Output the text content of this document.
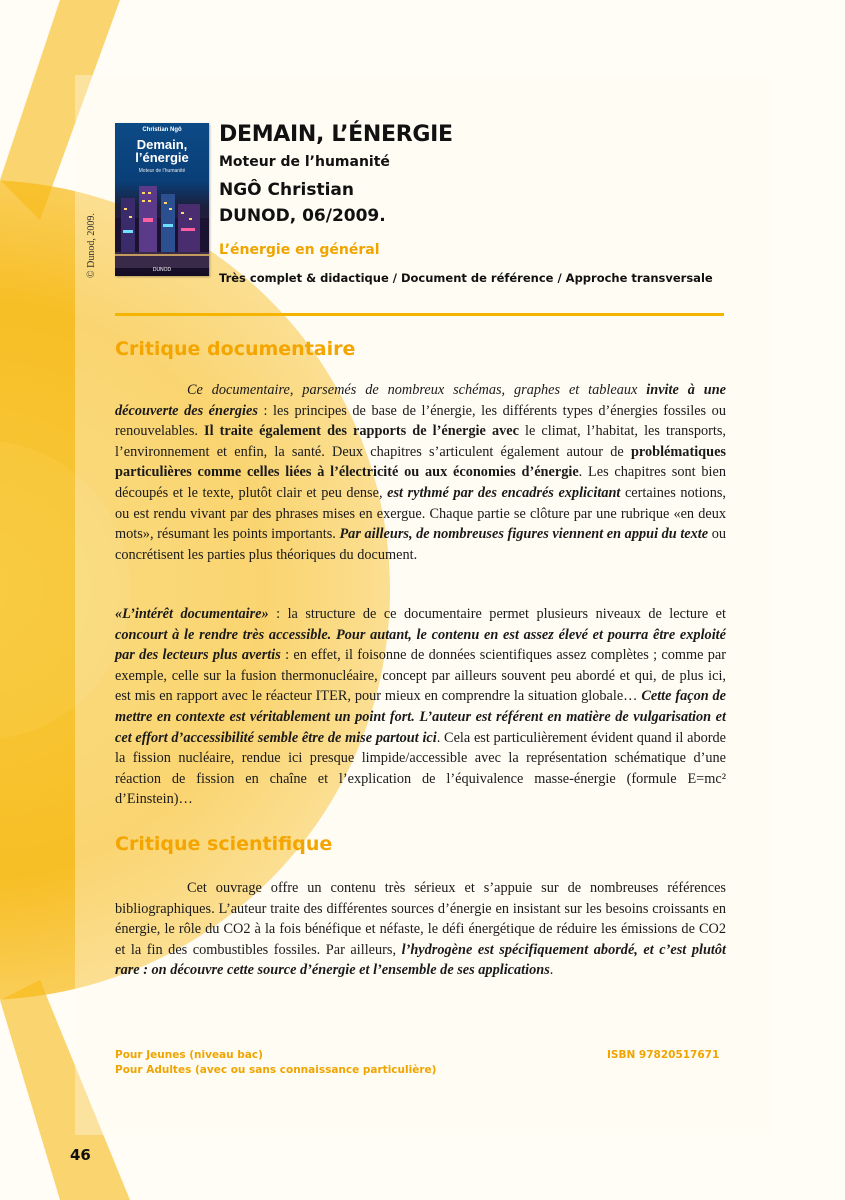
Christian Ngô
Demain,
l’énergie
Moteur de l’humanité
DUNOD
© Dunod, 2009.
DEMAIN, L’ÉNERGIE
Moteur de l’humanité
NGÔ Christian
DUNOD, 06/2009.
L’énergie en général
Très complet & didactique / Document de référence / Approche transversale
Critique documentaire

Ce documentaire, parsemés de nombreux schémas, graphes et tableaux invite à une découverte des énergies : les principes de base de l’énergie, les différents types d’énergies fossiles ou renouvelables. Il traite également des rapports de l’énergie avec le climat, l’habitat, les transports, l’environnement et enfin, la santé. Deux chapitres s’articulent également autour de problématiques particulières comme celles liées à l’électricité ou aux économies d’énergie. Les chapitres sont bien découpés et le texte, plutôt clair et peu dense, est rythmé par des encadrés explicitant certaines notions, ou est rendu vivant par des phrases mises en exergue. Chaque partie se clôture par une rubrique «en deux mots», résumant les points importants. Par ailleurs, de nombreuses figures viennent en appui du texte ou concrétisent les parties plus théoriques du document.

«L’intérêt documentaire» : la structure de ce documentaire permet plusieurs niveaux de lecture et concourt à le rendre très accessible. Pour autant, le contenu en est assez élevé et pourra être exploité par des lecteurs plus avertis : en effet, il foisonne de données scientifiques assez complètes ; comme par exemple, celle sur la fusion thermonucléaire, concept par ailleurs souvent peu abordé et qui, de plus ici, est mis en rapport avec le réacteur ITER, pour mieux en comprendre la situation globale… Cette façon de mettre en contexte est véritablement un point fort. L’auteur est référent en matière de vulgarisation et cet effort d’accessibilité semble être de mise partout ici. Cela est particulièrement évident quand il aborde la fission nucléaire, rendue ici presque limpide/accessible avec la représentation schématique d’une réaction de fission en chaîne et l’explication de l’équivalence masse-énergie (formule E=mc² d’Einstein)…

Critique scientifique

Cet ouvrage offre un contenu très sérieux et s’appuie sur de nombreuses références bibliographiques. L’auteur traite des différentes sources d’énergie en insistant sur les besoins croissants en énergie, le rôle du CO2 à la fois bénéfique et néfaste, le défi énergétique de réduire les émissions de CO2 et la fin des combustibles fossiles. Par ailleurs, l’hydrogène est spécifiquement abordé, et c’est plutôt rare : on découvre cette source d’énergie et l’ensemble de ses applications.

Pour Jeunes (niveau bac)
Pour Adultes (avec ou sans connaissance particulière)
ISBN 97820517671
46
